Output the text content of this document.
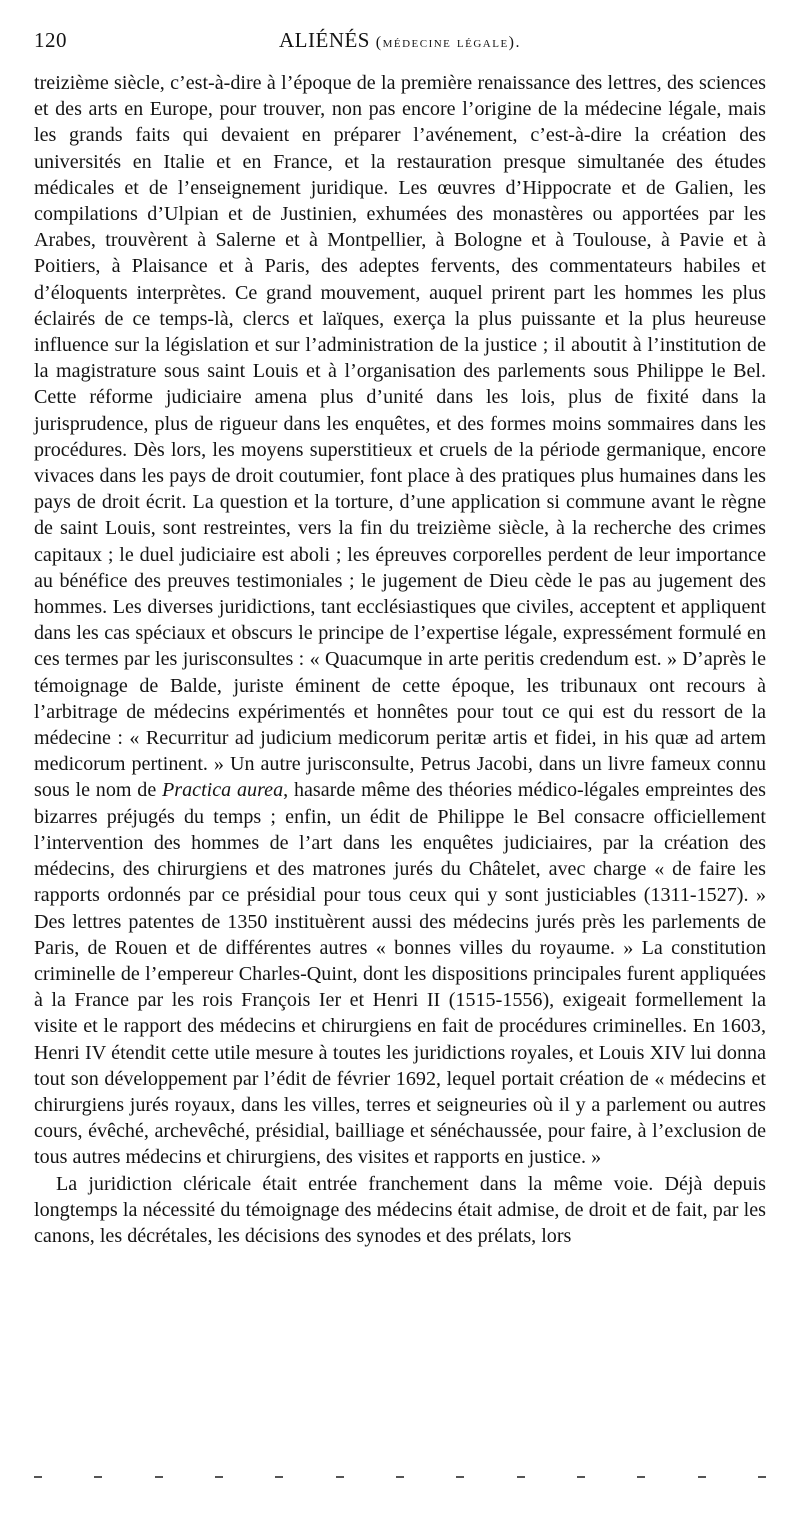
120	ALIÉNÉS (médecine légale).

treizième siècle, c’est-à-dire à l’époque de la première renaissance des lettres, des sciences et des arts en Europe, pour trouver, non pas encore l’origine de la médecine légale, mais les grands faits qui devaient en préparer l’avénement, c’est-à-dire la création des universités en Italie et en France, et la restauration presque simultanée des études médicales et de l’enseignement juridique. Les œuvres d’Hippocrate et de Galien, les compilations d’Ulpian et de Justinien, exhumées des monastères ou apportées par les Arabes, trouvèrent à Salerne et à Montpellier, à Bologne et à Toulouse, à Pavie et à Poitiers, à Plaisance et à Paris, des adeptes fervents, des commentateurs habiles et d’éloquents interprètes. Ce grand mouvement, auquel prirent part les hommes les plus éclairés de ce temps-là, clercs et laïques, exerça la plus puissante et la plus heureuse influence sur la législation et sur l’administration de la justice ; il aboutit à l’institution de la magistrature sous saint Louis et à l’organisation des parlements sous Philippe le Bel. Cette réforme judiciaire amena plus d’unité dans les lois, plus de fixité dans la jurisprudence, plus de rigueur dans les enquêtes, et des formes moins sommaires dans les procédures. Dès lors, les moyens superstitieux et cruels de la période germanique, encore vivaces dans les pays de droit coutumier, font place à des pratiques plus humaines dans les pays de droit écrit. La question et la torture, d’une application si commune avant le règne de saint Louis, sont restreintes, vers la fin du treizième siècle, à la recherche des crimes capitaux ; le duel judiciaire est aboli ; les épreuves corporelles perdent de leur importance au bénéfice des preuves testimoniales ; le jugement de Dieu cède le pas au jugement des hommes. Les diverses juridictions, tant ecclésiastiques que civiles, acceptent et appliquent dans les cas spéciaux et obscurs le principe de l’expertise légale, expressément formulé en ces termes par les jurisconsultes : « Quacumque in arte peritis credendum est. » D’après le témoignage de Balde, juriste éminent de cette époque, les tribunaux ont recours à l’arbitrage de médecins expérimentés et honnêtes pour tout ce qui est du ressort de la médecine : « Recurritur ad judicium medicorum peritæ artis et fidei, in his quæ ad artem medicorum pertinent. » Un autre jurisconsulte, Petrus Jacobi, dans un livre fameux connu sous le nom de Practica aurea, hasarde même des théories médico-légales empreintes des bizarres préjugés du temps ; enfin, un édit de Philippe le Bel consacre officiellement l’intervention des hommes de l’art dans les enquêtes judiciaires, par la création des médecins, des chirurgiens et des matrones jurés du Châtelet, avec charge « de faire les rapports ordonnés par ce présidial pour tous ceux qui y sont justiciables (1311-1527). » Des lettres patentes de 1350 instituèrent aussi des médecins jurés près les parlements de Paris, de Rouen et de différentes autres « bonnes villes du royaume. » La constitution criminelle de l’empereur Charles-Quint, dont les dispositions principales furent appliquées à la France par les rois François Ier et Henri II (1515-1556), exigeait formellement la visite et le rapport des médecins et chirurgiens en fait de procédures criminelles. En 1603, Henri IV étendit cette utile mesure à toutes les juridictions royales, et Louis XIV lui donna tout son développement par l’édit de février 1692, lequel portait création de « médecins et chirurgiens jurés royaux, dans les villes, terres et seigneuries où il y a parlement ou autres cours, évêché, archevêché, présidial, bailliage et sénéchaussée, pour faire, à l’exclusion de tous autres médecins et chirurgiens, des visites et rapports en justice. »

La juridiction cléricale était entrée franchement dans la même voie. Déjà depuis longtemps la nécessité du témoignage des médecins était admise, de droit et de fait, par les canons, les décrétales, les décisions des synodes et des prélats, lors
